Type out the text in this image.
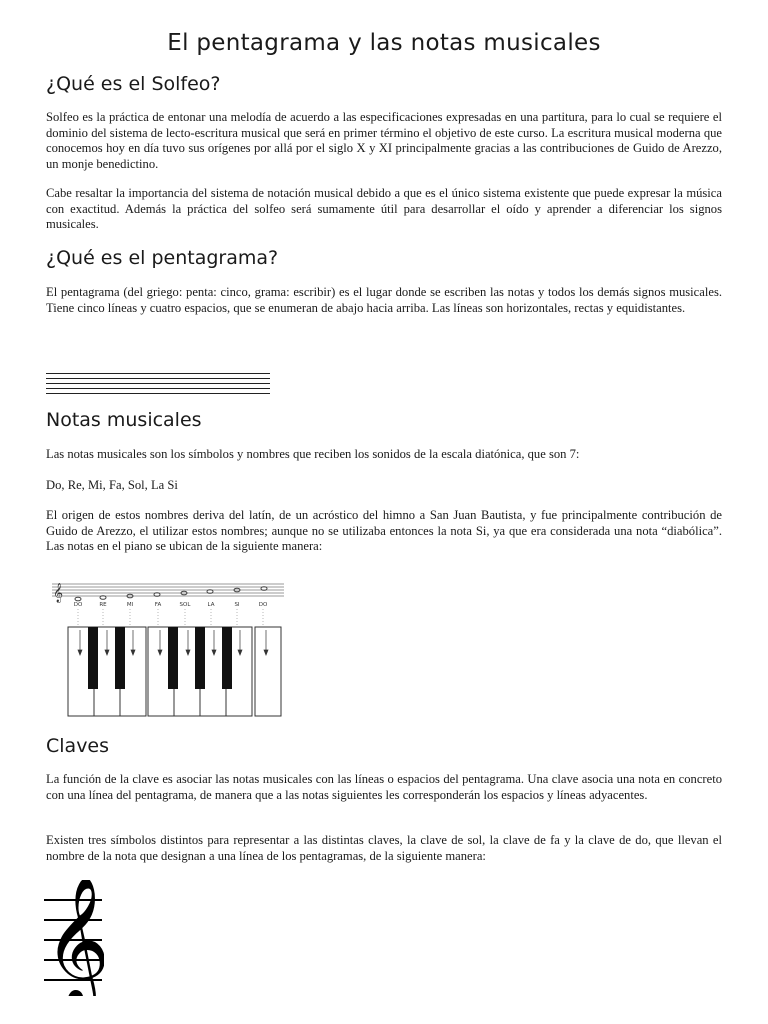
El pentagrama y las notas musicales
¿Qué es el Solfeo?

Solfeo es la práctica de entonar una melodía de acuerdo a las especificaciones expresadas en una partitura, para lo cual se requiere el dominio del sistema de lecto-escritura musical que será en primer término el objetivo de este curso. La escritura musical moderna que conocemos hoy en día tuvo sus orígenes por allá por el siglo X y XI principalmente gracias a las contribuciones de Guido de Arezzo, un monje benedictino.

Cabe resaltar la importancia del sistema de notación musical debido a que es el único sistema existente que puede expresar la música con exactitud. Además la práctica del solfeo será sumamente útil para desarrollar el oído y aprender a diferenciar los signos musicales.

¿Qué es el pentagrama?

El pentagrama (del griego: penta: cinco, grama: escribir) es el lugar donde se escriben las notas y todos los demás signos musicales. Tiene cinco líneas y cuatro espacios, que se enumeran de abajo hacia arriba. Las líneas son horizontales, rectas y equidistantes.

Notas musicales

Las notas musicales son los símbolos y nombres que reciben los sonidos de la escala diatónica, que son 7:

Do, Re, Mi, Fa, Sol, La Si

El origen de estos nombres deriva del latín, de un acróstico del himno a San Juan Bautista, y fue principalmente contribución de Guido de Arezzo, el utilizar estos nombres; aunque no se utilizaba entonces la nota Si, ya que era considerada una nota “diabólica”. Las notas en el piano se ubican de la siguiente manera:

𝄞
DO	RE	MI	FA	SOL	LA	SI	DO
Claves

La función de la clave es asociar las notas musicales con las líneas o espacios del pentagrama. Una clave asocia una nota en concreto con una línea del pentagrama, de manera que a las notas siguientes les corresponderán los espacios y líneas adyacentes.

Existen tres símbolos distintos para representar a las distintas claves, la clave de sol, la clave de fa y la clave de do, que llevan el nombre de la nota que designan a una línea de los pentagramas, de la siguiente manera:

𝄞
